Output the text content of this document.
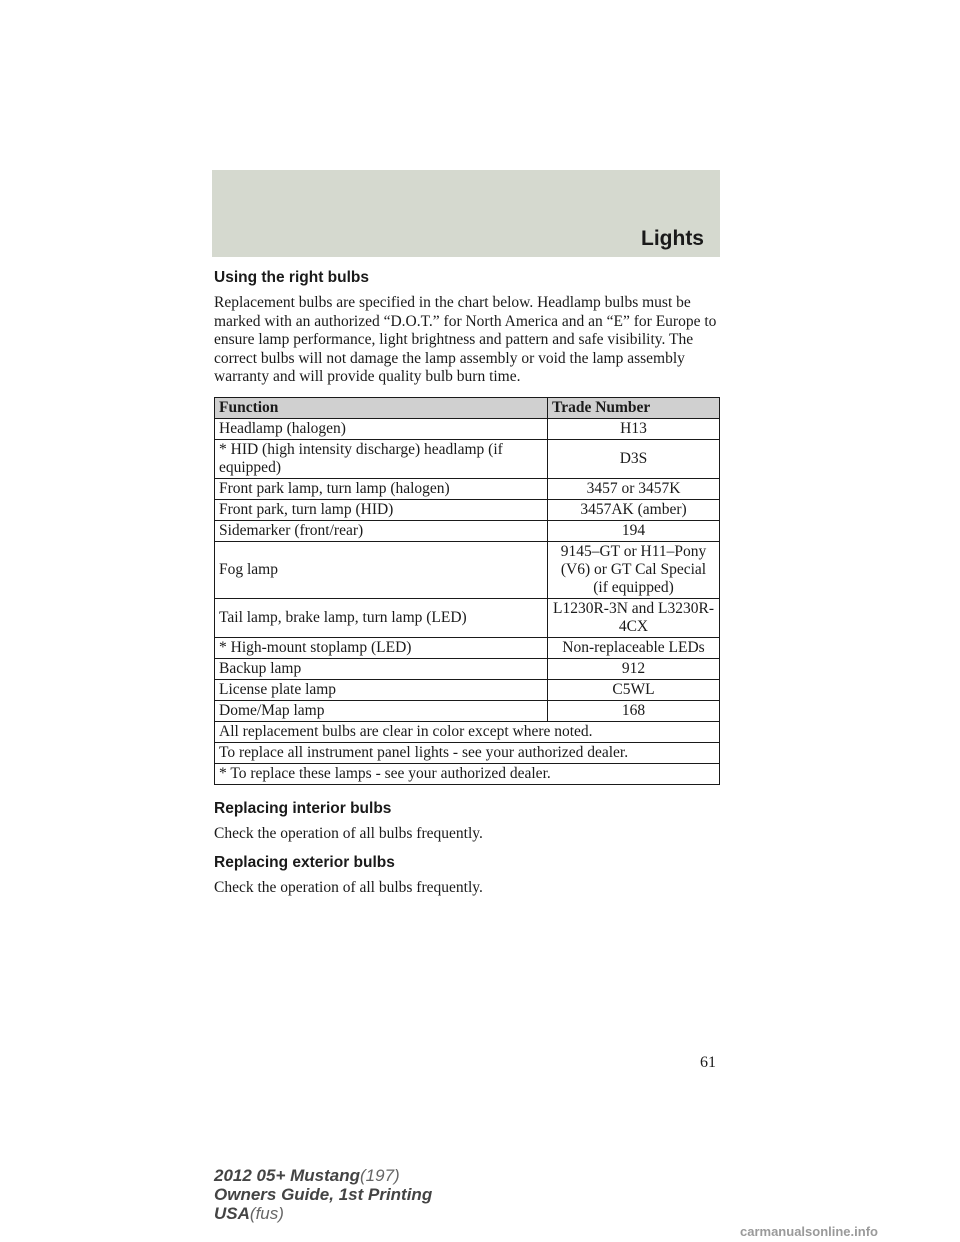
Lights
Using the right bulbs

Replacement bulbs are specified in the chart below. Headlamp bulbs must be marked with an authorized “D.O.T.” for North America and an “E” for Europe to ensure lamp performance, light brightness and pattern and safe visibility. The correct bulbs will not damage the lamp assembly or void the lamp assembly warranty and will provide quality bulb burn time.

Function	Trade Number
Headlamp (halogen)	H13
* HID (high intensity discharge) headlamp (if equipped)	D3S
Front park lamp, turn lamp (halogen)	3457 or 3457K
Front park, turn lamp (HID)	3457AK (amber)
Sidemarker (front/rear)	194
Fog lamp	9145–GT or H11–Pony (V6) or GT Cal Special (if equipped)
Tail lamp, brake lamp, turn lamp (LED)	L1230R-3N and L3230R-4CX
* High-mount stoplamp (LED)	Non-replaceable LEDs
Backup lamp	912
License plate lamp	C5WL
Dome/Map lamp	168
All replacement bulbs are clear in color except where noted.	
To replace all instrument panel lights - see your authorized dealer.	
* To replace these lamps - see your authorized dealer.	
Replacing interior bulbs

Check the operation of all bulbs frequently.

Replacing exterior bulbs

Check the operation of all bulbs frequently.

61
2012 05+ Mustang(197)
Owners Guide, 1st Printing
USA(fus)
carmanualsonline.info
